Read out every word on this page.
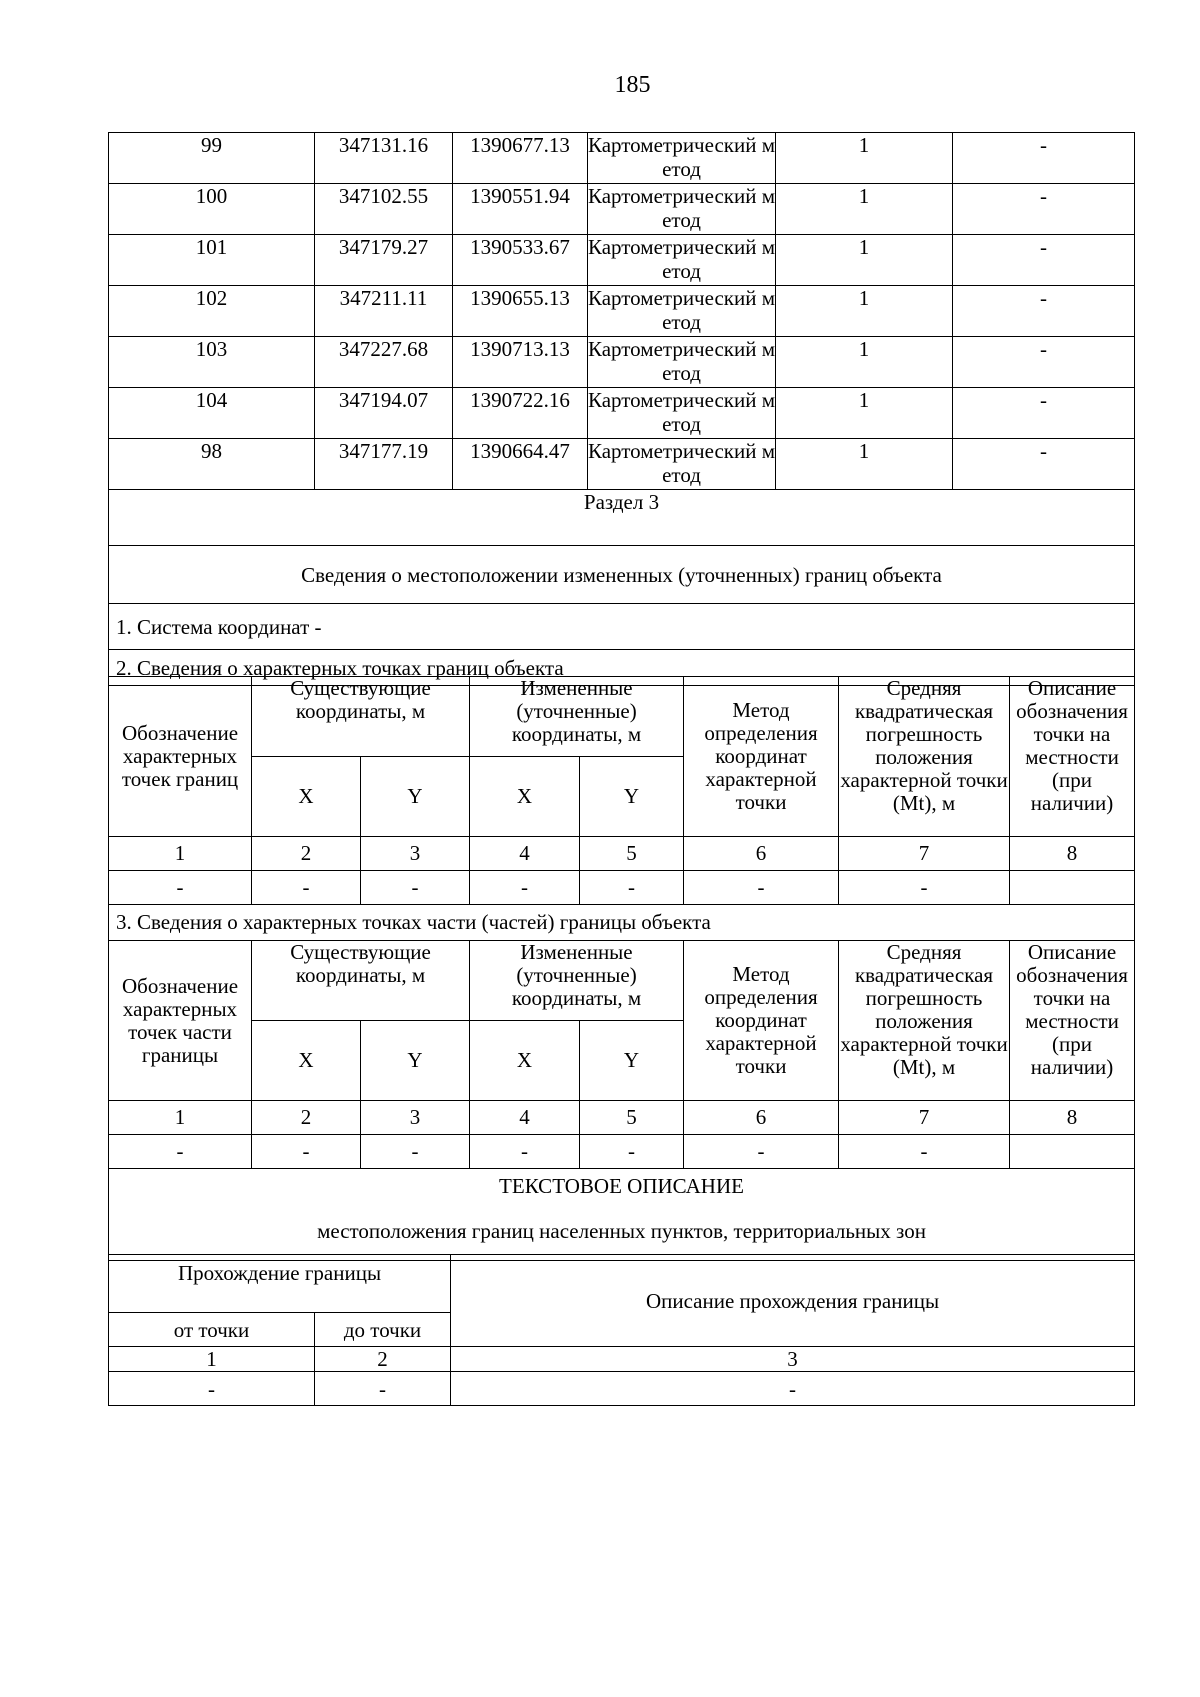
185
99	347131.16	1390677.13	Картометрический метод	1	-
100	347102.55	1390551.94	Картометрический метод	1	-
101	347179.27	1390533.67	Картометрический метод	1	-
102	347211.11	1390655.13	Картометрический метод	1	-
103	347227.68	1390713.13	Картометрический метод	1	-
104	347194.07	1390722.16	Картометрический метод	1	-
98	347177.19	1390664.47	Картометрический метод	1	-
Раздел 3					
Сведения о местоположении измененных (уточненных) границ объекта					
1. Система координат -					
2. Сведения о характерных точках границ объекта					
Обозначение характерных точек границ	Существующие координаты, м		Измененные (уточненные) координаты, м		Метод определения координат характерной точки	Средняя квадратическая погрешность положения характерной точки (Mt), м	Описание обозначения точки на местности (при наличии)
	X	Y	X	Y			
1	2	3	4	5	6	7	8
-	-	-	-	-	-	-	
3. Сведения о характерных точках части (частей) границы объекта							
Обозначение характерных точек части границы	Существующие координаты, м		Измененные (уточненные) координаты, м		Метод определения координат характерной точки	Средняя квадратическая погрешность положения характерной точки (Mt), м	Описание обозначения точки на местности (при наличии)
	X	Y	X	Y			
1	2	3	4	5	6	7	8
-	-	-	-	-	-	-	

ТЕКСТОВОЕ ОПИСАНИЕ
местоположения границ населенных пунктов, территориальных зон							
Прохождение границы		Описание прохождения границы
от точки	до точки	
1	2	3
-	-	-
